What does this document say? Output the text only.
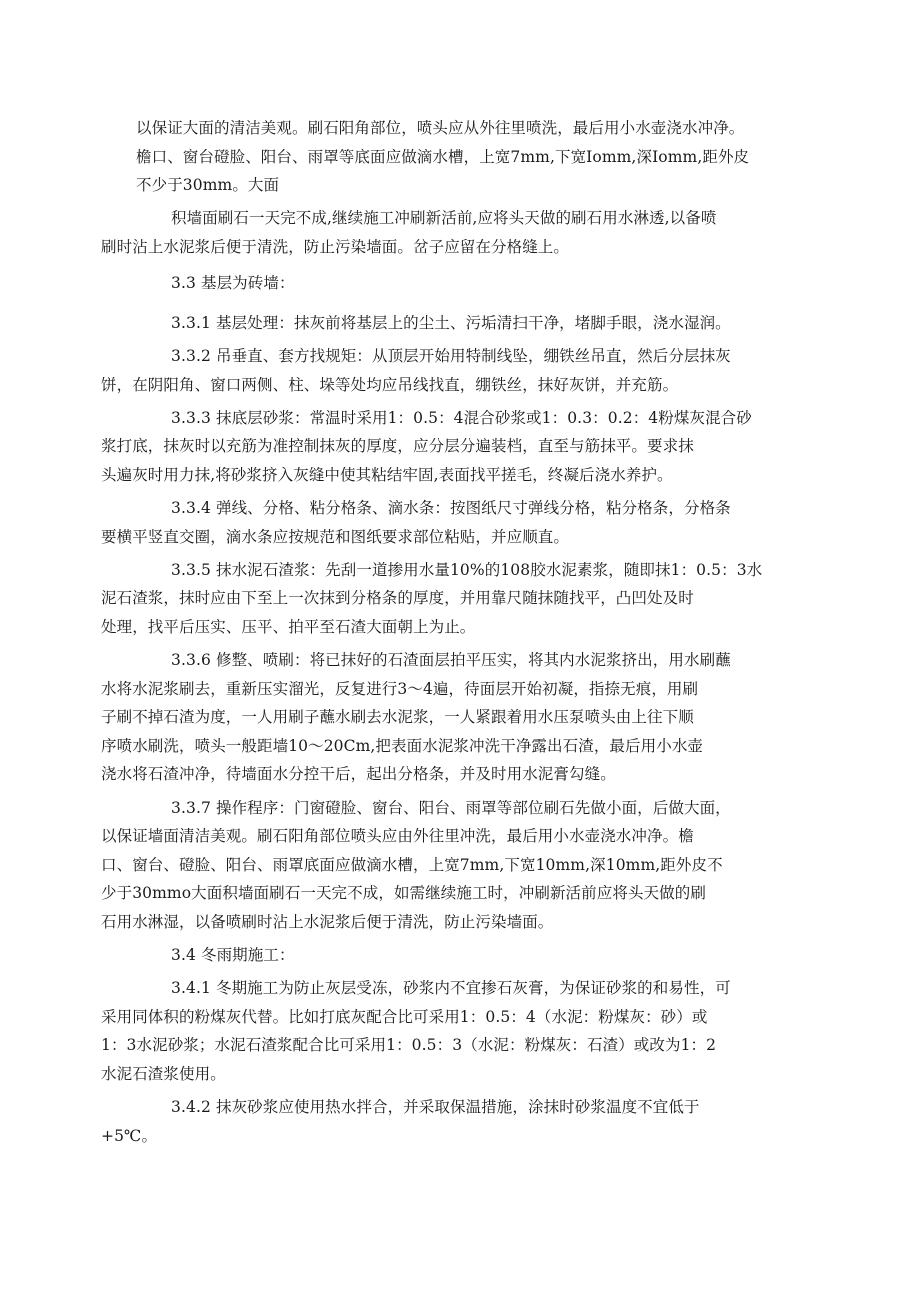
以保证大面的清洁美观。刷石阳角部位，喷头应从外往里喷洗，最后用小水壶浇水冲净。
檐口、窗台磴脸、阳台、雨罩等底面应做滴水槽，上宽7mm,下宽Iomm,深Iomm,距外皮
不少于30mm。大面

积墙面刷石一天完不成,继续施工冲刷新活前,应将头天做的刷石用水淋透,以备喷
刷时沾上水泥浆后便于清洗，防止污染墙面。岔子应留在分格缝上。

3.3 基层为砖墙：

3.3.1 基层处理：抹灰前将基层上的尘土、污垢清扫干净，堵脚手眼，浇水湿润。

3.3.2 吊垂直、套方找规矩：从顶层开始用特制线坠，绷铁丝吊直，然后分层抹灰
饼，在阴阳角、窗口两侧、柱、垛等处均应吊线找直，绷铁丝，抹好灰饼，并充筋。

3.3.3 抹底层砂浆：常温时采用1：0.5：4混合砂浆或1：0.3：0.2：4粉煤灰混合砂
浆打底，抹灰时以充筋为准控制抹灰的厚度，应分层分遍装档，直至与筋抹平。要求抹
头遍灰时用力抹,将砂浆挤入灰缝中使其粘结牢固,表面找平搓毛，终凝后浇水养护。

3.3.4 弹线、分格、粘分格条、滴水条：按图纸尺寸弹线分格，粘分格条，分格条
要横平竖直交圈，滴水条应按规范和图纸要求部位粘贴，并应顺直。

3.3.5 抹水泥石渣浆：先刮一道掺用水量10%的108胶水泥素浆，随即抹1：0.5：3水
泥石渣浆，抹时应由下至上一次抹到分格条的厚度，并用靠尺随抹随找平，凸凹处及时
处理，找平后压实、压平、拍平至石渣大面朝上为止。

3.3.6 修整、喷刷：将已抹好的石渣面层拍平压实，将其内水泥浆挤出，用水刷蘸
水将水泥浆刷去，重新压实溜光，反复进行3～4遍，待面层开始初凝，指捺无痕，用刷
子刷不掉石渣为度，一人用刷子蘸水刷去水泥浆，一人紧跟着用水压泵喷头由上往下顺
序喷水刷洗，喷头一般距墙10～20Cm,把表面水泥浆冲洗干净露出石渣，最后用小水壶
浇水将石渣冲净，待墙面水分控干后，起出分格条，并及时用水泥膏勾缝。

3.3.7 操作程序：门窗磴脸、窗台、阳台、雨罩等部位刷石先做小面，后做大面，
以保证墙面清洁美观。刷石阳角部位喷头应由外往里冲洗，最后用小水壶浇水冲净。檐
口、窗台、磴脸、阳台、雨罩底面应做滴水槽，上宽7mm,下宽10mm,深10mm,距外皮不
少于30mmo大面积墙面刷石一天完不成，如需继续施工时，冲刷新活前应将头天做的刷
石用水淋湿，以备喷刷时沾上水泥浆后便于清洗，防止污染墙面。

3.4 冬雨期施工：

3.4.1 冬期施工为防止灰层受冻，砂浆内不宜掺石灰膏，为保证砂浆的和易性，可
采用同体积的粉煤灰代替。比如打底灰配合比可采用1：0.5：4（水泥：粉煤灰：砂）或
1：3水泥砂浆；水泥石渣浆配合比可采用1：0.5：3（水泥：粉煤灰：石渣）或改为1：2
水泥石渣浆使用。

3.4.2 抹灰砂浆应使用热水拌合，并采取保温措施，涂抹时砂浆温度不宜低于
+5℃。
